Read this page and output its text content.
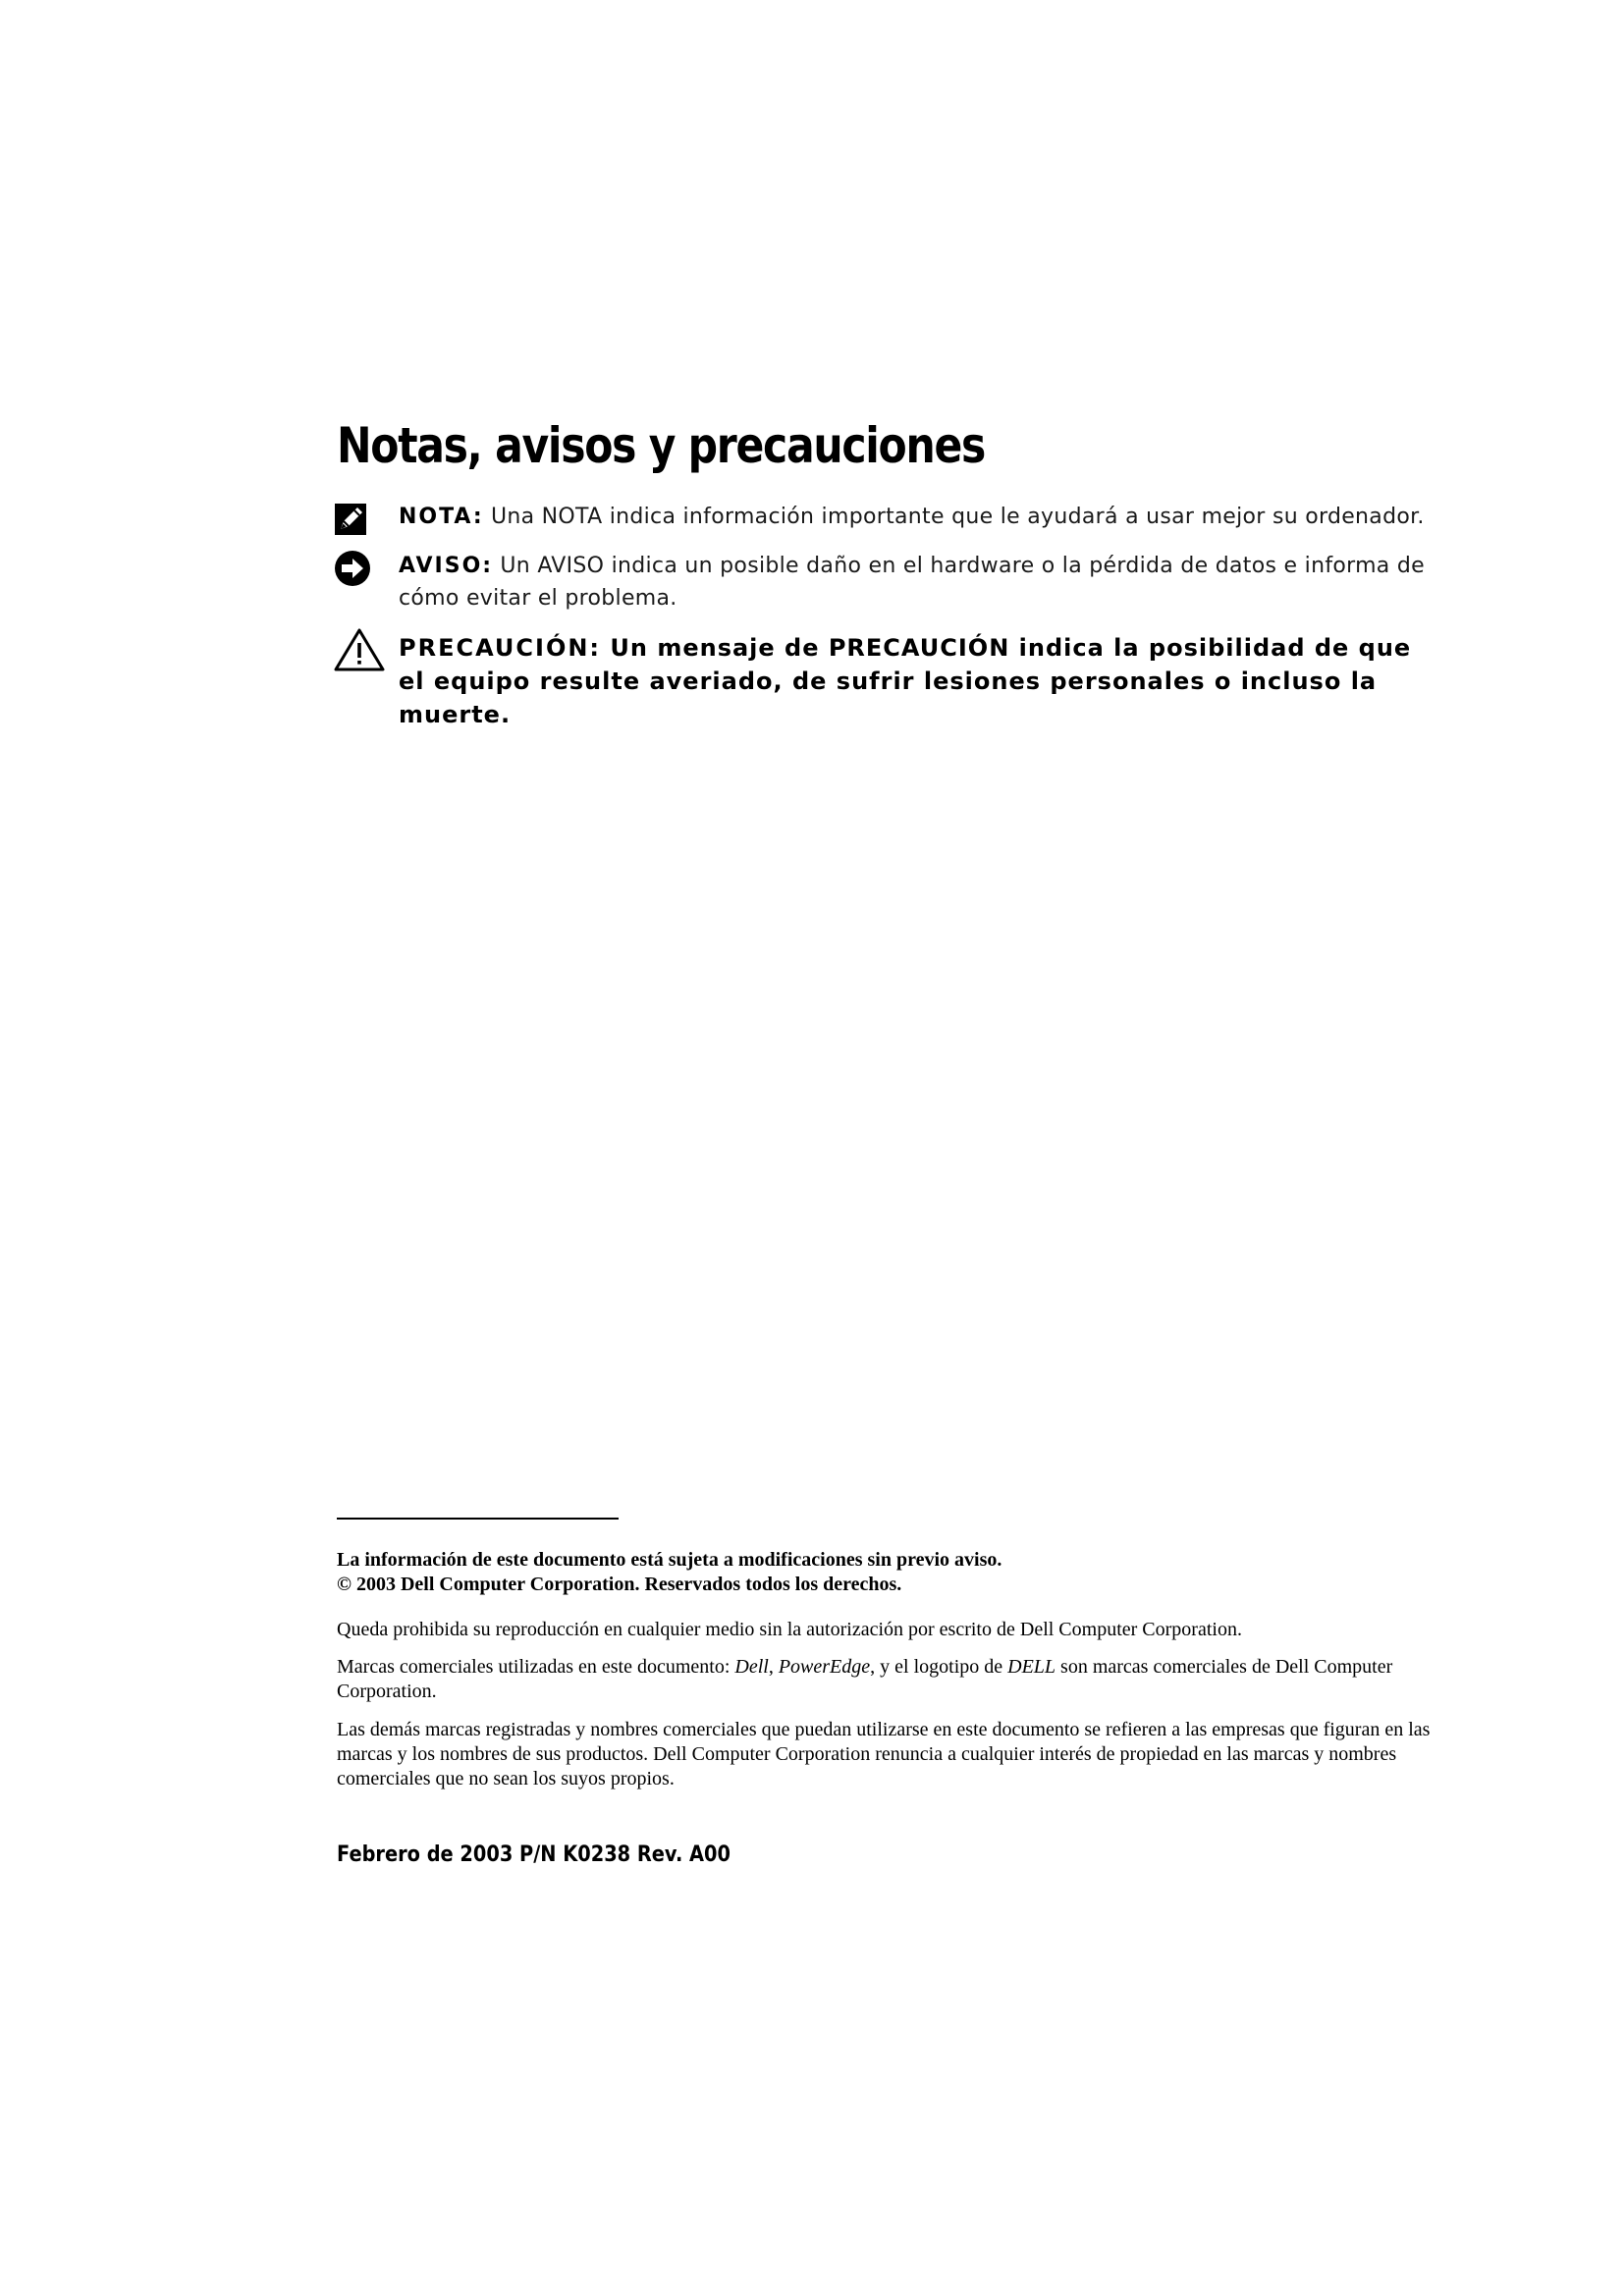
Notas, avisos y precauciones
NOTA: Una NOTA indica información importante que le ayudará a usar mejor su ordenador.
AVISO: Un AVISO indica un posible daño en el hardware o la pérdida de datos e informa de cómo evitar el problema.
PRECAUCIÓN: Un mensaje de PRECAUCIÓN indica la posibilidad de que el equipo resulte averiado, de sufrir lesiones personales o incluso la muerte.

La información de este documento está sujeta a modificaciones sin previo aviso.
© 2003 Dell Computer Corporation. Reservados todos los derechos.

Queda prohibida su reproducción en cualquier medio sin la autorización por escrito de Dell Computer Corporation.

Marcas comerciales utilizadas en este documento: Dell, PowerEdge, y el logotipo de DELL son marcas comerciales de Dell Computer Corporation.

Las demás marcas registradas y nombres comerciales que puedan utilizarse en este documento se refieren a las empresas que figuran en las marcas y los nombres de sus productos. Dell Computer Corporation renuncia a cualquier interés de propiedad en las marcas y nombres comerciales que no sean los suyos propios.

Febrero de 2003 P/N K0238 Rev. A00
